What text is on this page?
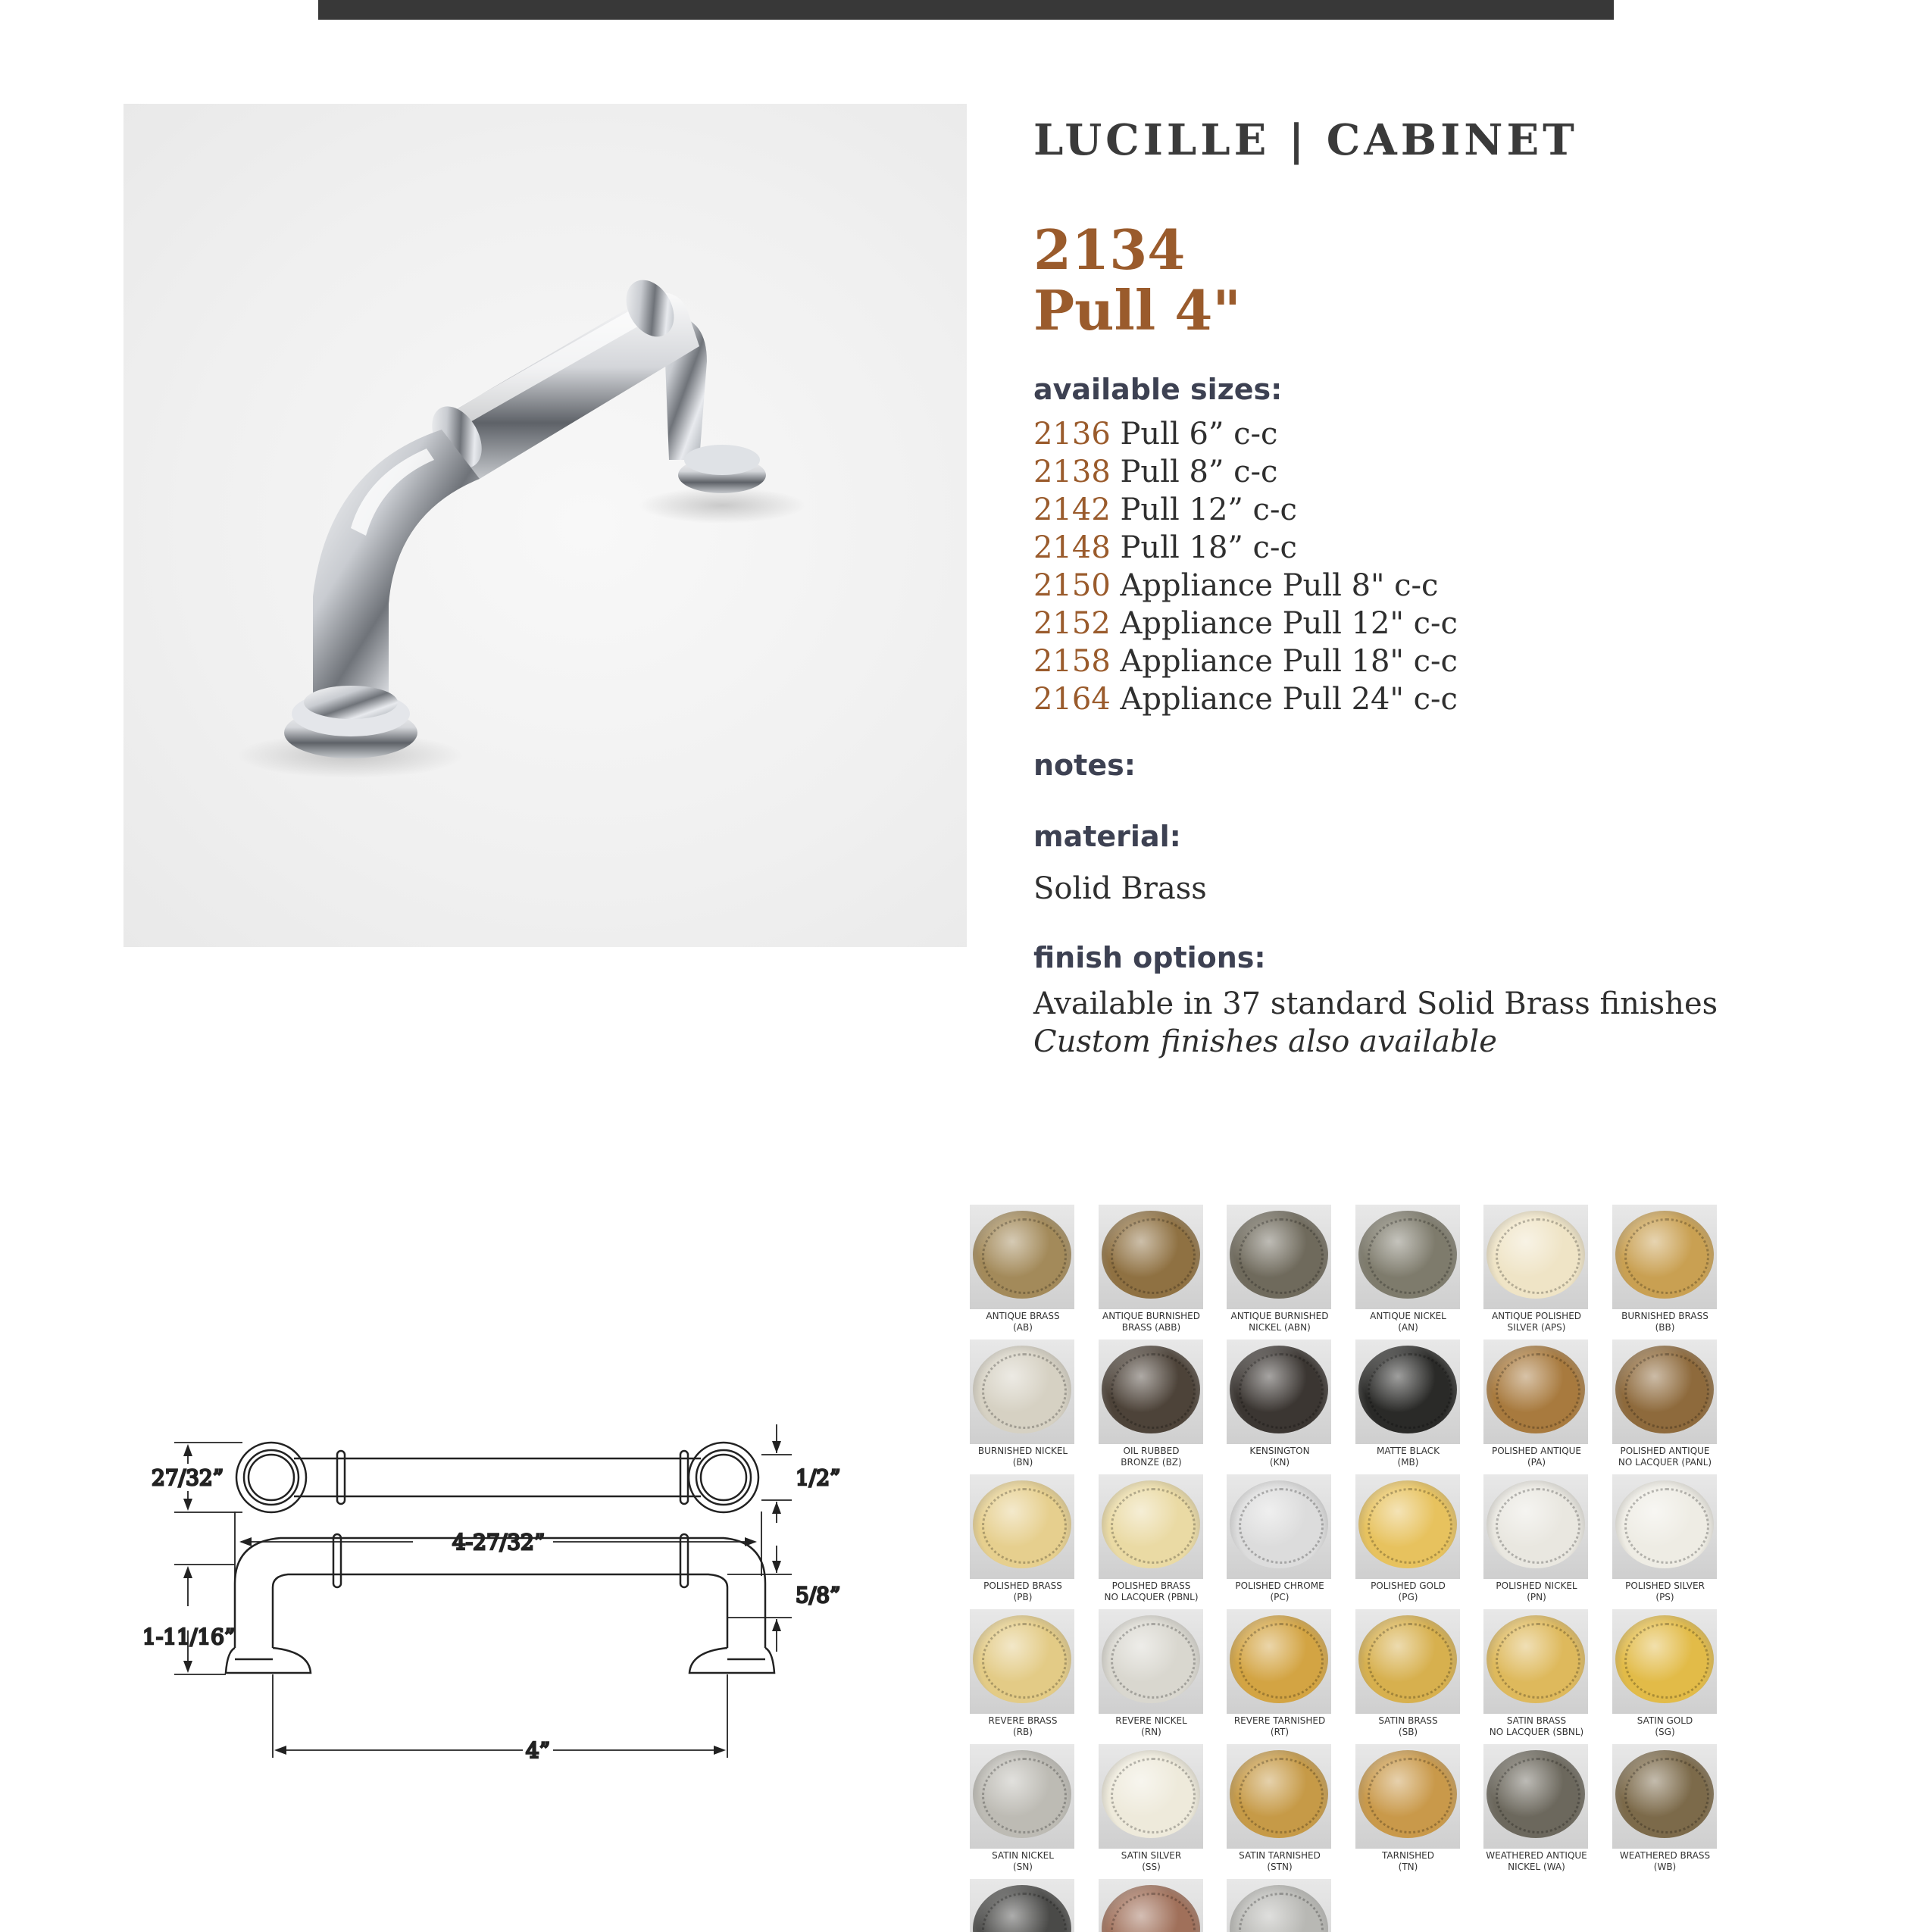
LUCILLE | CABINET
2134
Pull 4"
available sizes:
2136 Pull 6” c-c
2138 Pull 8” c-c
2142 Pull 12” c-c
2148 Pull 18” c-c
2150 Appliance Pull 8" c-c
2152 Appliance Pull 12" c-c
2158 Appliance Pull 18" c-c
2164 Appliance Pull 24" c-c
notes:
material:
Solid Brass
finish options:
Available in 37 standard Solid Brass finishes
Custom finishes also available
27/32”	1/2”
4-27/32”
1-11/16”
5/8”
4”
ANTIQUE BRASS
(AB)
ANTIQUE BURNISHED
BRASS (ABB)
ANTIQUE BURNISHED
NICKEL (ABN)
ANTIQUE NICKEL
(AN)
ANTIQUE POLISHED
SILVER (APS)
BURNISHED BRASS
(BB)
BURNISHED NICKEL
(BN)
OIL RUBBED
BRONZE (BZ)
KENSINGTON
(KN)
MATTE BLACK
(MB)
POLISHED ANTIQUE
(PA)
POLISHED ANTIQUE
NO LACQUER (PANL)
POLISHED BRASS
(PB)
POLISHED BRASS
NO LACQUER (PBNL)
POLISHED CHROME
(PC)
POLISHED GOLD
(PG)
POLISHED NICKEL
(PN)
POLISHED SILVER
(PS)
REVERE BRASS
(RB)
REVERE NICKEL
(RN)
REVERE TARNISHED
(RT)
SATIN BRASS
(SB)
SATIN BRASS
NO LACQUER (SBNL)
SATIN GOLD
(SG)
SATIN NICKEL
(SN)
SATIN SILVER
(SS)
SATIN TARNISHED
(STN)
TARNISHED
(TN)
WEATHERED ANTIQUE
NICKEL (WA)
WEATHERED BRASS
(WB)
